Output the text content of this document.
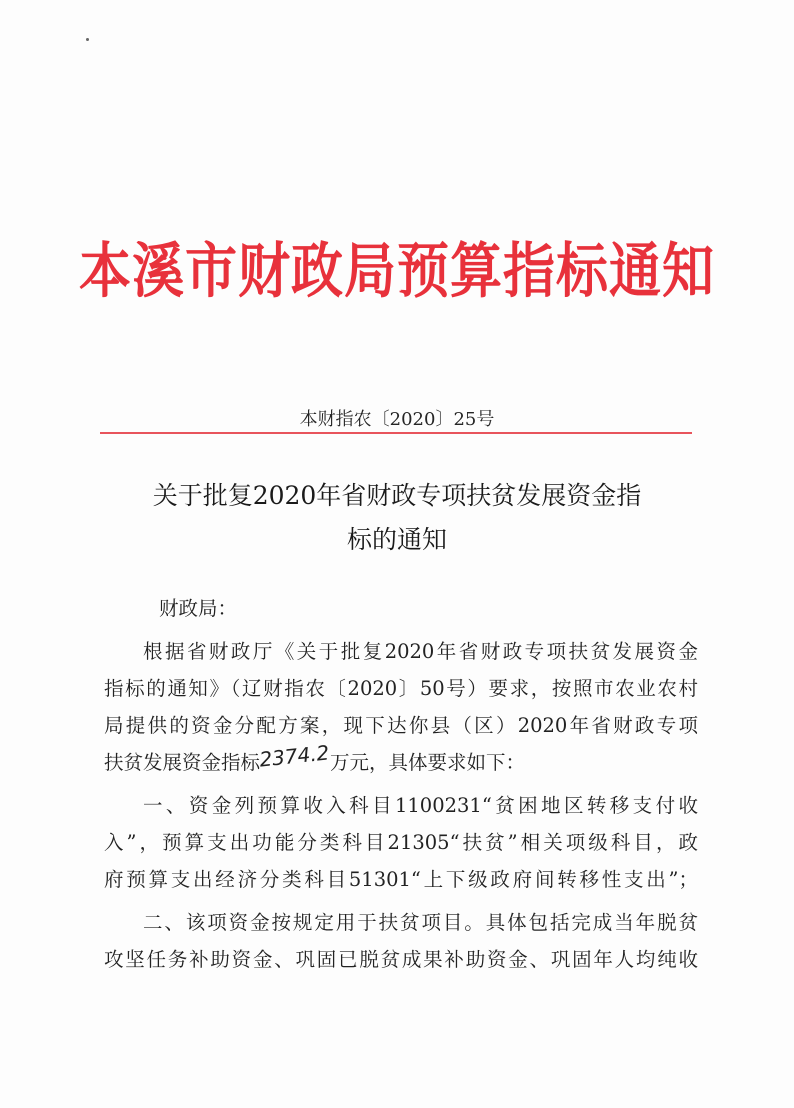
本溪市财政局预算指标通知
本财指农〔2020〕25号
关于批复2020年省财政专项扶贫发展资金指
标的通知

财政局：

根据省财政厅《关于批复2020年省财政专项扶贫发展资金

指标的通知》（辽财指农〔2020〕50号）要求，按照市农业农村

局提供的资金分配方案，现下达你县（区）2020年省财政专项

扶贫发展资金指标2374.2万元，具体要求如下：

一、资金列预算收入科目1100231“贫困地区转移支付收

入”，预算支出功能分类科目21305“扶贫”相关项级科目，政

府预算支出经济分类科目51301“上下级政府间转移性支出”；

二、该项资金按规定用于扶贫项目。具体包括完成当年脱贫

攻坚任务补助资金、巩固已脱贫成果补助资金、巩固年人均纯收
